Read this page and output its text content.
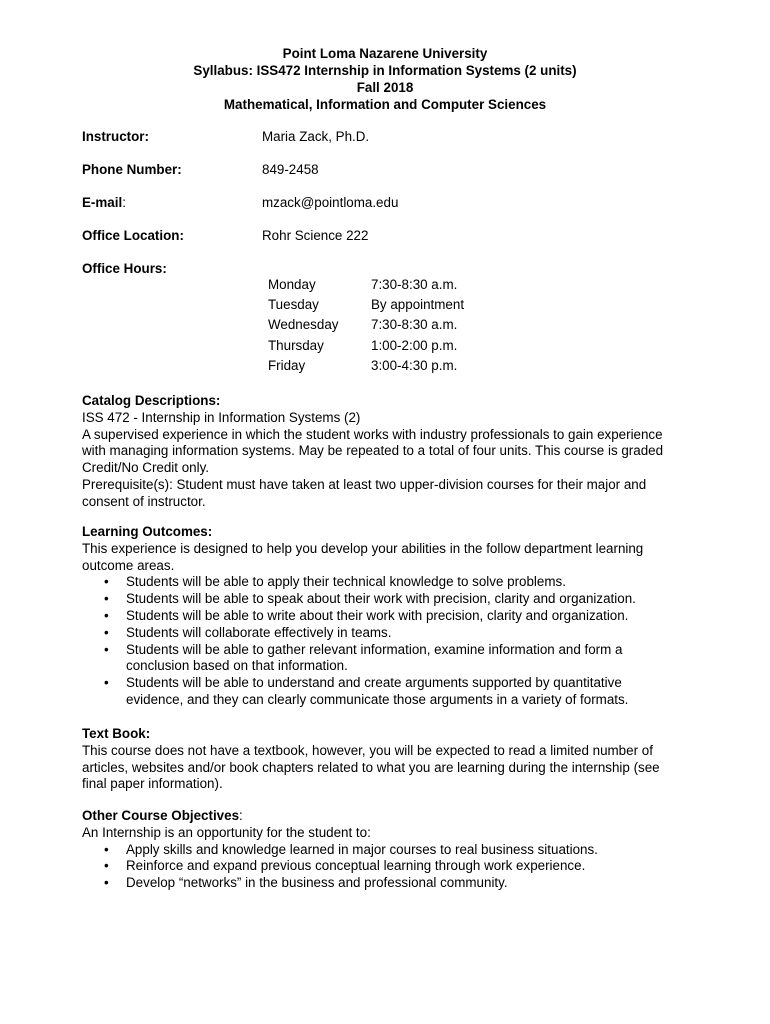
Point Loma Nazarene University
Syllabus: ISS472 Internship in Information Systems (2 units)
Fall 2018
Mathematical, Information and Computer Sciences
Instructor:	Maria Zack, Ph.D.
Phone Number:	849-2458
E-mail:	mzack@pointloma.edu
Office Location:	Rohr Science 222
Office Hours:
Monday	7:30-8:30 a.m.
Tuesday	By appointment
Wednesday	7:30-8:30 a.m.
Thursday	1:00-2:00 p.m.
Friday	3:00-4:30 p.m.
Catalog Descriptions:
ISS 472 - Internship in Information Systems (2)
A supervised experience in which the student works with industry professionals to gain experience
with managing information systems. May be repeated to a total of four units. This course is graded
Credit/No Credit only.
Prerequisite(s): Student must have taken at least two upper-division courses for their major and
consent of instructor.
Learning Outcomes:
This experience is designed to help you develop your abilities in the follow department learning
outcome areas.
• Students will be able to apply their technical knowledge to solve problems.
• Students will be able to speak about their work with precision, clarity and organization.
• Students will be able to write about their work with precision, clarity and organization.
• Students will collaborate effectively in teams.
• Students will be able to gather relevant information, examine information and form a
conclusion based on that information.
• Students will be able to understand and create arguments supported by quantitative
evidence, and they can clearly communicate those arguments in a variety of formats.
Text Book:
This course does not have a textbook, however, you will be expected to read a limited number of
articles, websites and/or book chapters related to what you are learning during the internship (see
final paper information).
Other Course Objectives:
An Internship is an opportunity for the student to:
• Apply skills and knowledge learned in major courses to real business situations.
• Reinforce and expand previous conceptual learning through work experience.
• Develop “networks” in the business and professional community.
